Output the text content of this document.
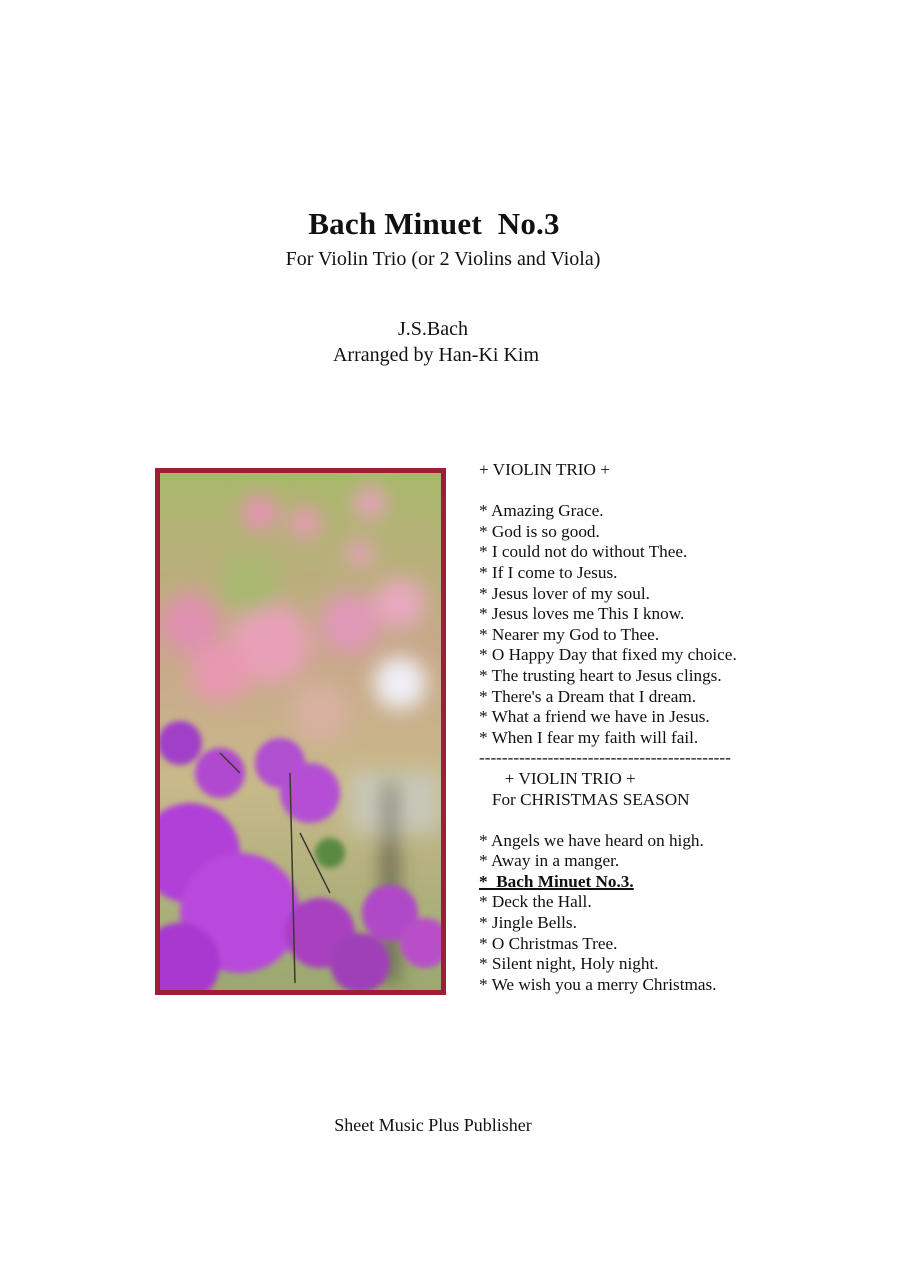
Bach Minuet  No.3
For Violin Trio (or 2 Violins and Viola)
J.S.Bach
Arranged by Han-Ki Kim
+ VIOLIN TRIO +

* Amazing Grace.
* God is so good.
* I could not do without Thee.
* If I come to Jesus.
* Jesus lover of my soul.
* Jesus loves me This I know.
* Nearer my God to Thee.
* O Happy Day that fixed my choice.
* The trusting heart to Jesus clings.
* There's a Dream that I dream.
* What a friend we have in Jesus.
* When I fear my faith will fail.
--------------------------------------------
+ VIOLIN TRIO +
For CHRISTMAS SEASON

* Angels we have heard on high.
* Away in a manger.
*  Bach Minuet No.3.
* Deck the Hall.
* Jingle Bells.
* O Christmas Tree.
* Silent night, Holy night.
* We wish you a merry Christmas.
Sheet Music Plus Publisher
